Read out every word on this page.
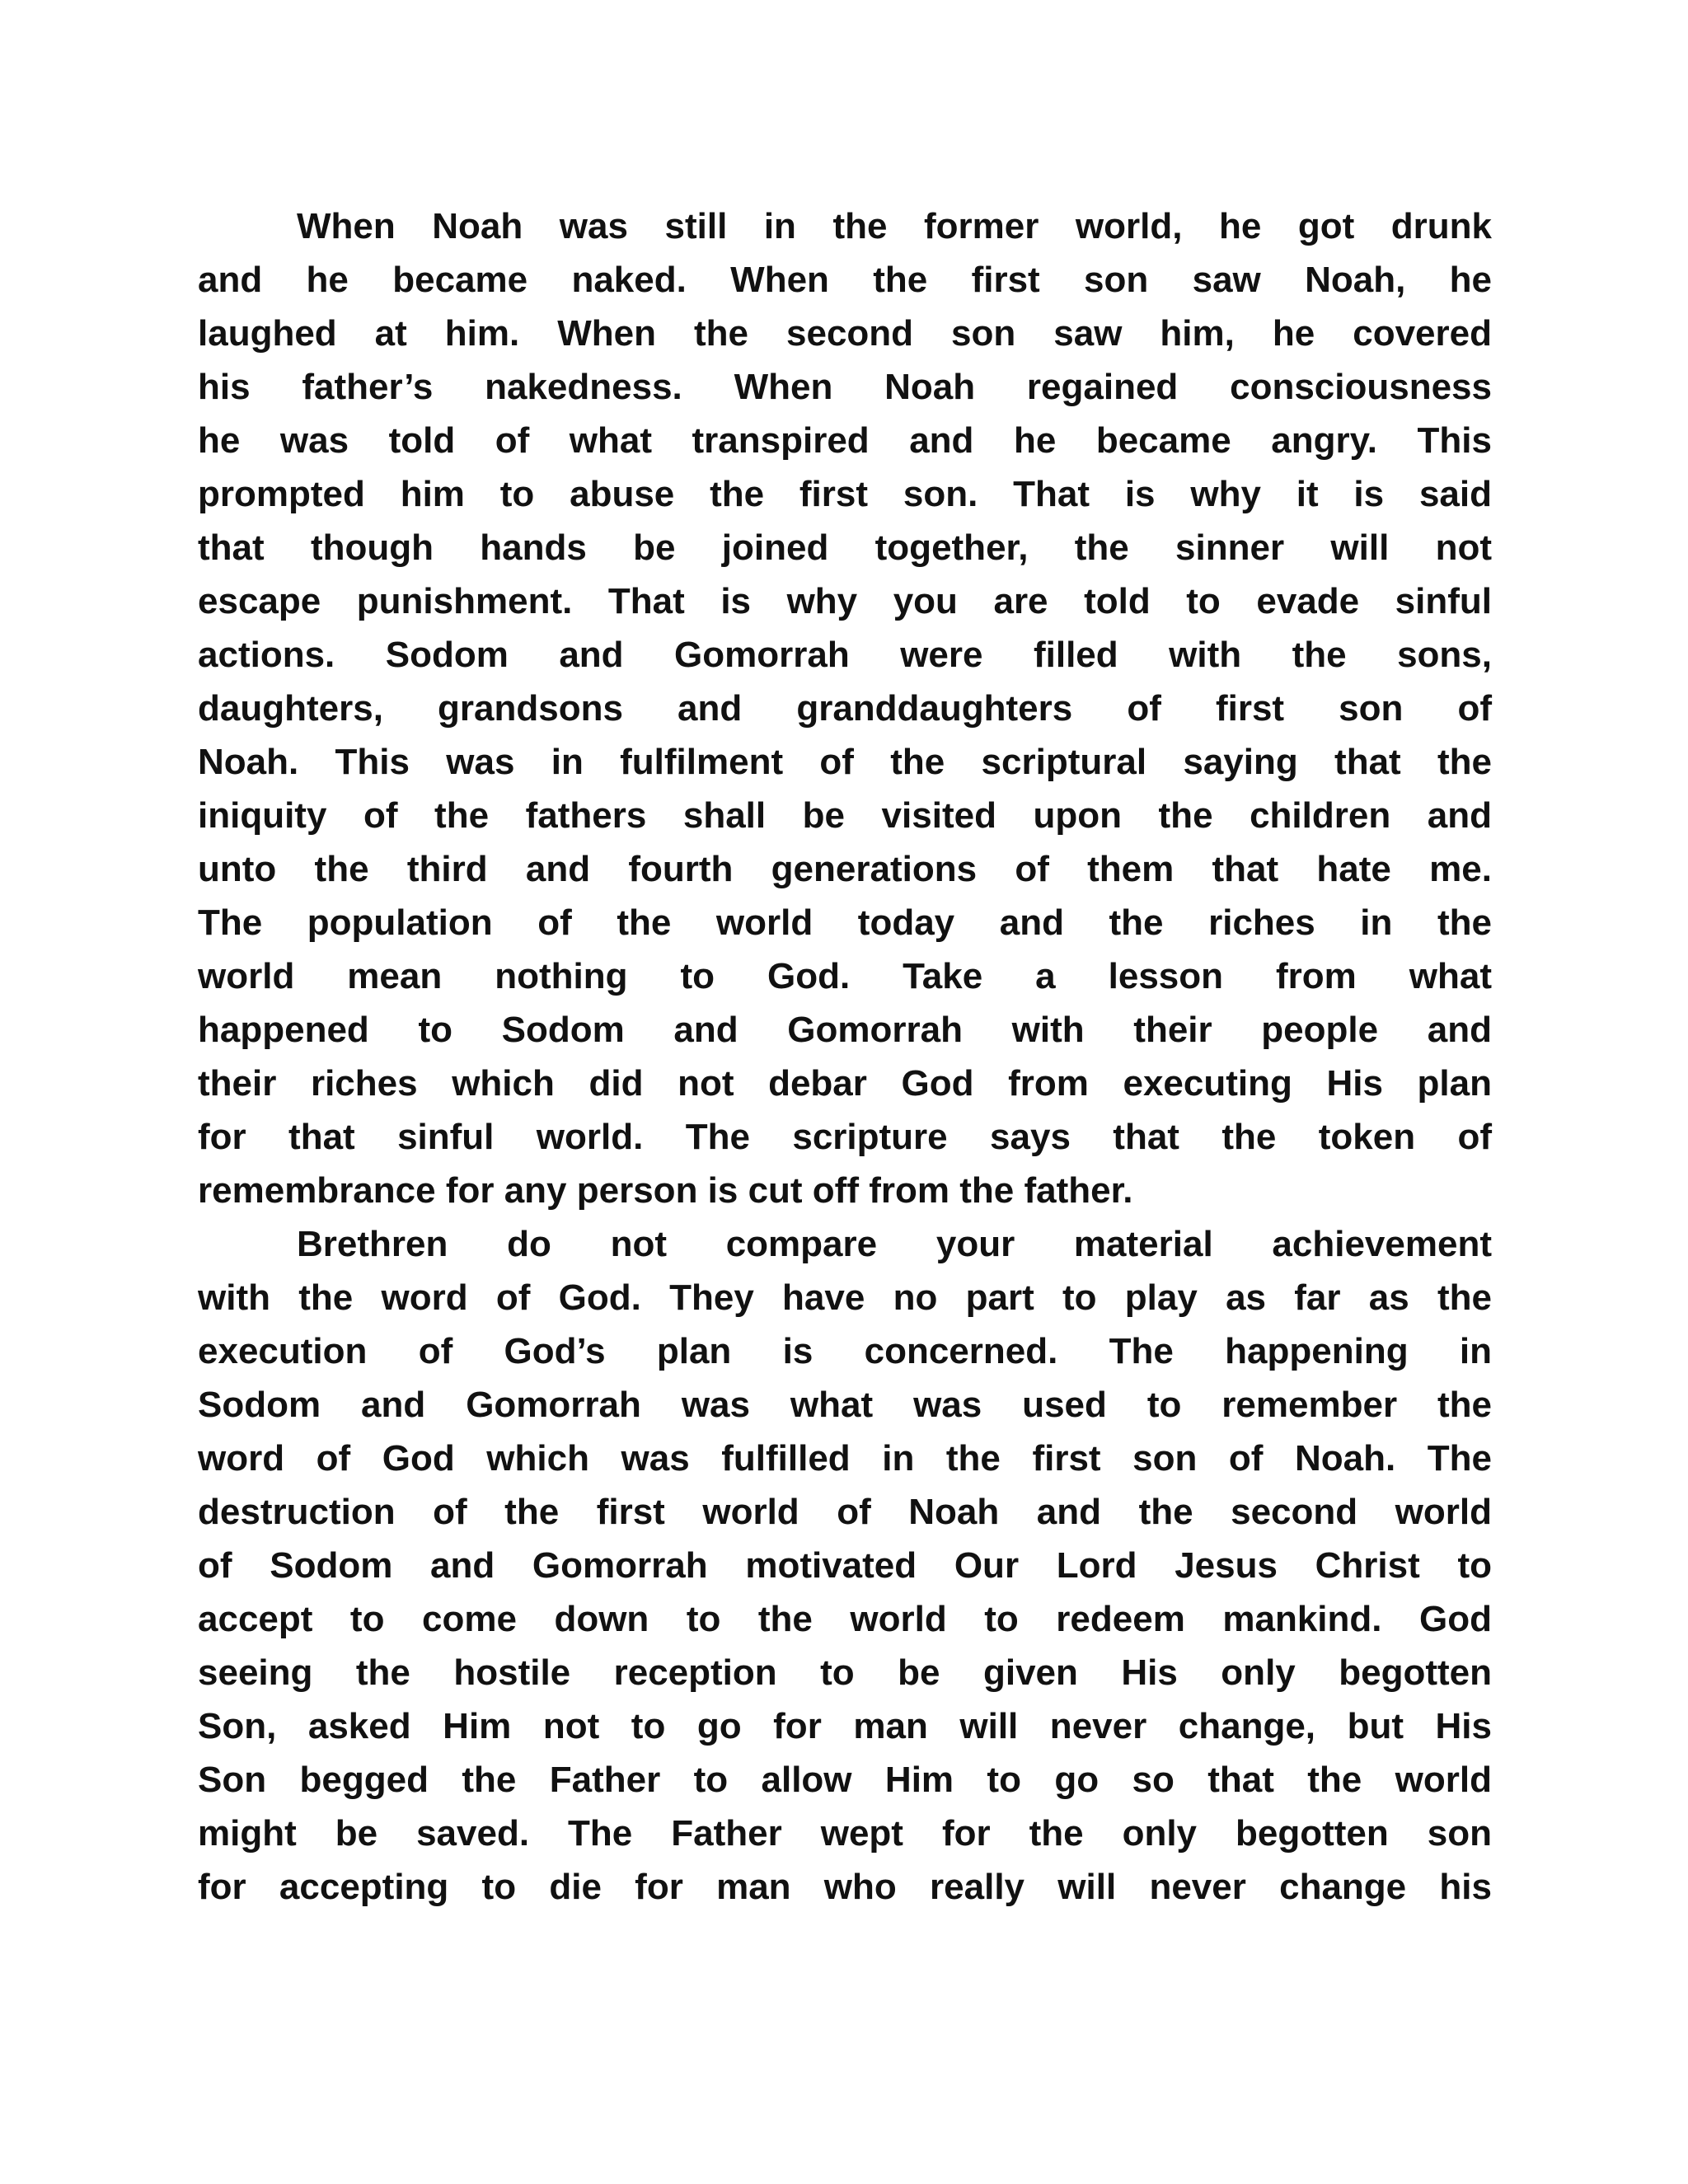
When Noah was still in the former world, he got drunk
and he became naked. When the first son saw Noah, he
laughed at him. When the second son saw him, he covered
his father’s nakedness. When Noah regained consciousness
he was told of what transpired and he became angry. This
prompted him to abuse the first son. That is why it is said
that though hands be joined together, the sinner will not
escape punishment. That is why you are told to evade sinful
actions. Sodom and Gomorrah were filled with the sons,
daughters, grandsons and granddaughters of first son of
Noah. This was in fulfilment of the scriptural saying that the
iniquity of the fathers shall be visited upon the children and
unto the third and fourth generations of them that hate me.
The population of the world today and the riches in the
world mean nothing to God. Take a lesson from what
happened to Sodom and Gomorrah with their people and
their riches which did not debar God from executing His plan
for that sinful world. The scripture says that the token of
remembrance for any person is cut off from the father.
Brethren do not compare your material achievement
with the word of God. They have no part to play as far as the
execution of God’s plan is concerned. The happening in
Sodom and Gomorrah was what was used to remember the
word of God which was fulfilled in the first son of Noah. The
destruction of the first world of Noah and the second world
of Sodom and Gomorrah motivated Our Lord Jesus Christ to
accept to come down to the world to redeem mankind. God
seeing the hostile reception to be given His only begotten
Son, asked Him not to go for man will never change, but His
Son begged the Father to allow Him to go so that the world
might be saved. The Father wept for the only begotten son
for accepting to die for man who really will never change his
